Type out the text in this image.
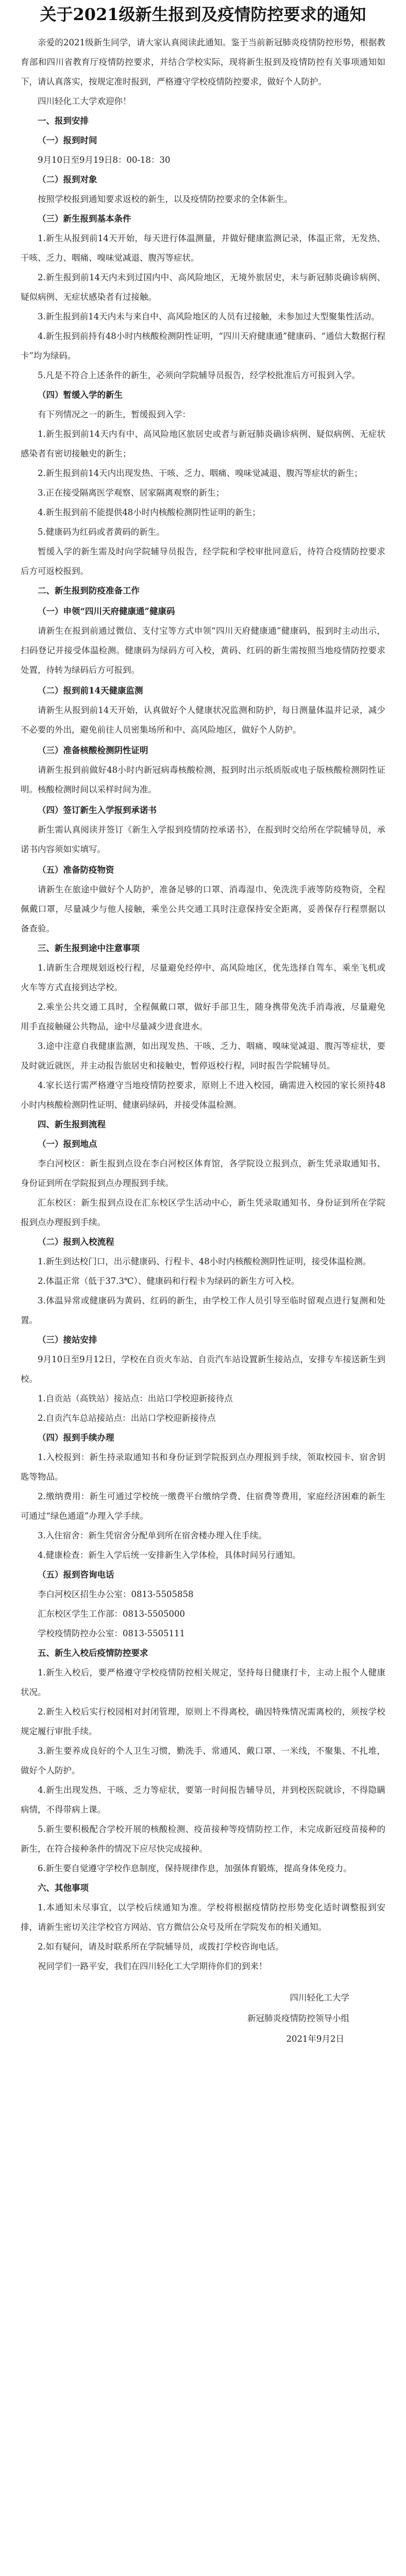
关于2021级新生报到及疫情防控要求的通知

亲爱的2021级新生同学，请大家认真阅读此通知。鉴于当前新冠肺炎疫情防控形势，根据教育部和四川省教育厅疫情防控要求，并结合学校实际，现将新生报到及疫情防控有关事项通知如下，请认真落实，按规定准时报到，严格遵守学校疫情防控要求，做好个人防护。

四川轻化工大学欢迎你！

一、报到安排

（一）报到时间

9月10日至9月19日8：00-18：30

（二）报到对象

按照学校报到通知要求返校的新生，以及疫情防控要求的全体新生。

（三）新生报到基本条件

1.新生从报到前14天开始，每天进行体温测量，并做好健康监测记录，体温正常，无发热、干咳、乏力、咽痛、嗅味觉减退、腹泻等症状。

2.新生报到前14天内未到过国内中、高风险地区，无境外旅居史，未与新冠肺炎确诊病例、疑似病例、无症状感染者有过接触。

3.新生报到前14天内未与来自中、高风险地区的人员有过接触，未参加过大型聚集性活动。

4.新生报到前持有48小时内核酸检测阴性证明，“四川天府健康通”健康码、“通信大数据行程卡”均为绿码。

5.凡是不符合上述条件的新生，必须向学院辅导员报告，经学校批准后方可报到入学。

（四）暂缓入学的新生

有下列情况之一的新生，暂缓报到入学：

1.新生报到前14天内有中、高风险地区旅居史或者与新冠肺炎确诊病例、疑似病例、无症状感染者有密切接触史的新生；

2.新生报到前14天内出现发热、干咳、乏力、咽痛、嗅味觉减退、腹泻等症状的新生；

3.正在接受隔离医学观察、居家隔离观察的新生；

4.新生报到前不能提供48小时内核酸检测阴性证明的新生；

5.健康码为红码或者黄码的新生。

暂缓入学的新生需及时向学院辅导员报告，经学院和学校审批同意后，待符合疫情防控要求后方可返校报到。

二、新生报到防疫准备工作

（一）申领“四川天府健康通”健康码

请新生在报到前通过微信、支付宝等方式申领“四川天府健康通”健康码，报到时主动出示，扫码登记并接受体温检测。健康码为绿码方可入校，黄码、红码的新生需按照当地疫情防控要求处置，待转为绿码后方可报到。

（二）报到前14天健康监测

请新生从报到前14天开始，认真做好个人健康状况监测和防护，每日测量体温并记录，减少不必要的外出，避免前往人员密集场所和中、高风险地区，做好个人防护。

（三）准备核酸检测阴性证明

请新生报到前做好48小时内新冠病毒核酸检测，报到时出示纸质版或电子版核酸检测阴性证明。核酸检测时间以采样时间为准。

（四）签订新生入学报到承诺书

新生需认真阅读并签订《新生入学报到疫情防控承诺书》，在报到时交给所在学院辅导员，承诺书内容须如实填写。

（五）准备防疫物资

请新生在旅途中做好个人防护，准备足够的口罩、消毒湿巾、免洗洗手液等防疫物资，全程佩戴口罩，尽量减少与他人接触，乘坐公共交通工具时注意保持安全距离，妥善保存行程票据以备查验。

三、新生报到途中注意事项

1.请新生合理规划返校行程，尽量避免经停中、高风险地区，优先选择自驾车、乘坐飞机或火车等方式直接到达学校。

2.乘坐公共交通工具时，全程佩戴口罩，做好手部卫生，随身携带免洗手消毒液，尽量避免用手直接触碰公共物品，途中尽量减少进食进水。

3.途中注意自我健康监测，如出现发热、干咳、乏力、咽痛、嗅味觉减退、腹泻等症状，要及时就近就医，并主动报告旅居史和接触史，暂停返校行程，同时报告学院辅导员。

4.家长送行需严格遵守当地疫情防控要求，原则上不进入校园，确需进入校园的家长须持48小时内核酸检测阴性证明、健康码绿码，并接受体温检测。

四、新生报到流程

（一）报到地点

李白河校区：新生报到点设在李白河校区体育馆，各学院设立报到点，新生凭录取通知书、身份证到所在学院报到点办理报到手续。

汇东校区：新生报到点设在汇东校区学生活动中心，新生凭录取通知书、身份证到所在学院报到点办理报到手续。

（二）报到入校流程

1.新生到达校门口，出示健康码、行程卡、48小时内核酸检测阴性证明，接受体温检测。

2.体温正常（低于37.3℃）、健康码和行程卡为绿码的新生方可入校。

3.体温异常或健康码为黄码、红码的新生，由学校工作人员引导至临时留观点进行复测和处置。

（三）接站安排

9月10日至9月12日，学校在自贡火车站、自贡汽车站设置新生接站点，安排专车接送新生到校。

1.自贡站（高铁站）接站点：出站口学校迎新接待点

2.自贡汽车总站接站点：出站口学校迎新接待点

（四）报到手续办理

1.入校报到：新生持录取通知书和身份证到学院报到点办理报到手续，领取校园卡、宿舍钥匙等物品。

2.缴纳费用：新生可通过学校统一缴费平台缴纳学费、住宿费等费用，家庭经济困难的新生可通过“绿色通道”办理入学手续。

3.入住宿舍：新生凭宿舍分配单到所在宿舍楼办理入住手续。

4.健康检查：新生入学后统一安排新生入学体检，具体时间另行通知。

（五）报到咨询电话

李白河校区招生办公室：0813-5505858

汇东校区学生工作部：0813-5505000

学校疫情防控办公室：0813-5505111

五、新生入校后疫情防控要求

1.新生入校后，要严格遵守学校疫情防控相关规定，坚持每日健康打卡，主动上报个人健康状况。

2.新生入校后实行校园相对封闭管理，原则上不得离校，确因特殊情况需离校的，须按学校规定履行审批手续。

3.新生要养成良好的个人卫生习惯，勤洗手、常通风、戴口罩、一米线，不聚集、不扎堆，做好个人防护。

4.新生出现发热、干咳、乏力等症状，要第一时间报告辅导员，并到校医院就诊，不得隐瞒病情，不得带病上课。

5.新生要积极配合学校开展的核酸检测、疫苗接种等疫情防控工作，未完成新冠疫苗接种的新生，在符合接种条件的情况下应尽快完成接种。

6.新生要自觉遵守学校作息制度，保持规律作息，加强体育锻炼，提高身体免疫力。

六、其他事项

1.本通知未尽事宜，以学校后续通知为准。学校将根据疫情防控形势变化适时调整报到安排，请新生密切关注学校官方网站、官方微信公众号及所在学院发布的相关通知。

2.如有疑问，请及时联系所在学院辅导员，或拨打学校咨询电话。

祝同学们一路平安，我们在四川轻化工大学期待你们的到来！

四川轻化工大学
新冠肺炎疫情防控领导小组
2021年9月2日
